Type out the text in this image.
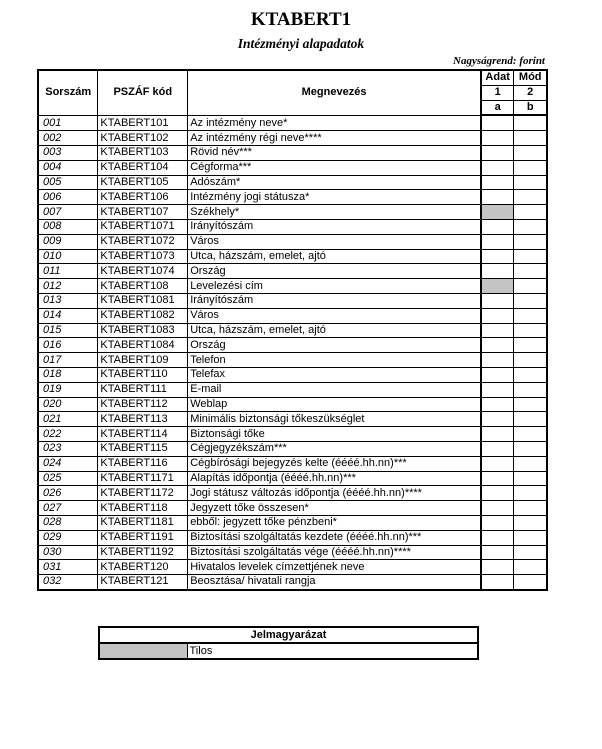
KTABERT1
Intézményi alapadatok
Nagyságrend: forint
Sorszám	PSZÁF kód	Megnevezés	Adat	Mód
			1	2
			a	b
001	KTABERT101	Az intézmény neve*		
002	KTABERT102	Az intézmény régi neve****		
003	KTABERT103	Rövid név***		
004	KTABERT104	Cégforma***		
005	KTABERT105	Adószám*		
006	KTABERT106	Intézmény jogi státusza*		
007	KTABERT107	Székhely*		
008	KTABERT1071	Irányítószám		
009	KTABERT1072	Város		
010	KTABERT1073	Utca, házszám, emelet, ajtó		
011	KTABERT1074	Ország		
012	KTABERT108	Levelezési cím		
013	KTABERT1081	Irányítószám		
014	KTABERT1082	Város		
015	KTABERT1083	Utca, házszám, emelet, ajtó		
016	KTABERT1084	Ország		
017	KTABERT109	Telefon		
018	KTABERT110	Telefax		
019	KTABERT111	E-mail		
020	KTABERT112	Weblap		
021	KTABERT113	Minimális biztonsági tőkeszükséglet		
022	KTABERT114	Biztonsági tőke		
023	KTABERT115	Cégjegyzékszám***		
024	KTABERT116	Cégbírósági bejegyzés kelte (éééé.hh.nn)***		
025	KTABERT1171	Alapítás időpontja (éééé.hh.nn)***		
026	KTABERT1172	Jogi státusz változás időpontja (éééé.hh.nn)****		
027	KTABERT118	Jegyzett tőke összesen*		
028	KTABERT1181	ebből: jegyzett tőke pénzbeni*		
029	KTABERT1191	Biztosítási szolgáltatás kezdete (éééé.hh.nn)***		
030	KTABERT1192	Biztosítási szolgáltatás vége (éééé.hh.nn)****		
031	KTABERT120	Hivatalos levelek címzettjének neve		
032	KTABERT121	Beosztása/ hivatali rangja		
Jelmagyarázat
	Tilos
